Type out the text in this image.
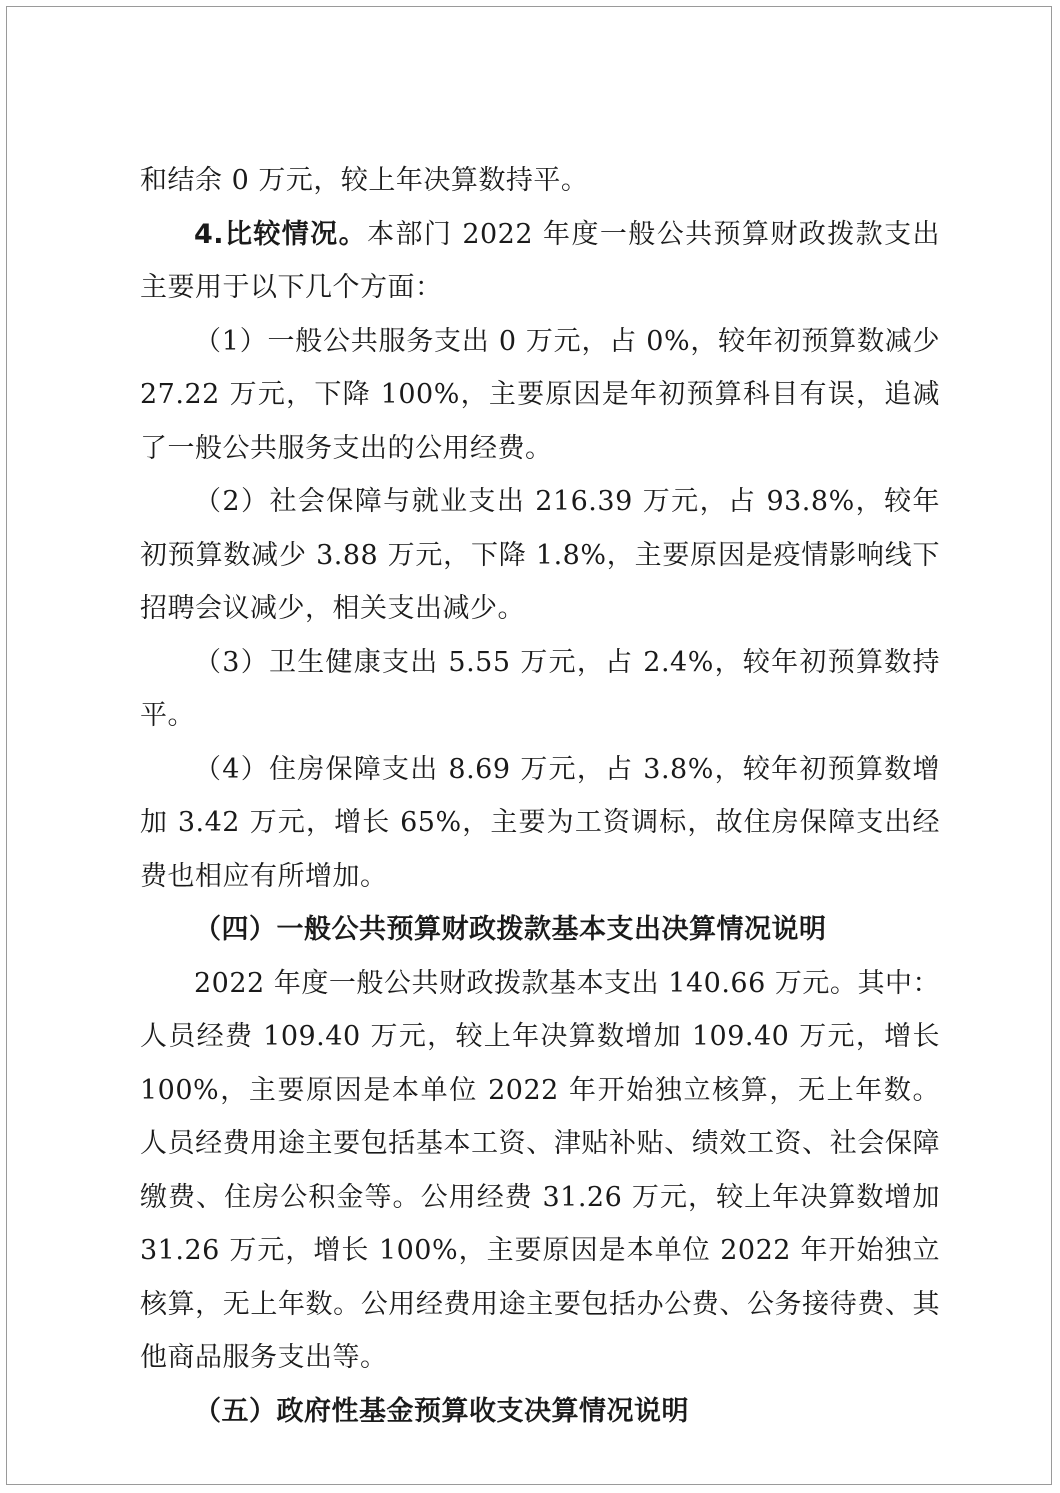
和结余 0 万元，较上年决算数持平。

4.比较情况。本部门 2022 年度一般公共预算财政拨款支出主要用于以下几个方面：

（1）一般公共服务支出 0 万元，占 0%，较年初预算数减少 27.22 万元，下降 100%，主要原因是年初预算科目有误，追减了一般公共服务支出的公用经费。

（2）社会保障与就业支出 216.39 万元，占 93.8%，较年初预算数减少 3.88 万元，下降 1.8%，主要原因是疫情影响线下招聘会议减少，相关支出减少。

（3）卫生健康支出 5.55 万元，占 2.4%，较年初预算数持平。

（4）住房保障支出 8.69 万元，占 3.8%，较年初预算数增加 3.42 万元，增长 65%，主要为工资调标，故住房保障支出经费也相应有所增加。

（四）一般公共预算财政拨款基本支出决算情况说明

2022 年度一般公共财政拨款基本支出 140.66 万元。其中：人员经费 109.40 万元，较上年决算数增加 109.40 万元，增长 100%，主要原因是本单位 2022 年开始独立核算，无上年数。人员经费用途主要包括基本工资、津贴补贴、绩效工资、社会保障缴费、住房公积金等。公用经费 31.26 万元，较上年决算数增加 31.26 万元，增长 100%，主要原因是本单位 2022 年开始独立核算，无上年数。公用经费用途主要包括办公费、公务接待费、其他商品服务支出等。

（五）政府性基金预算收支决算情况说明
